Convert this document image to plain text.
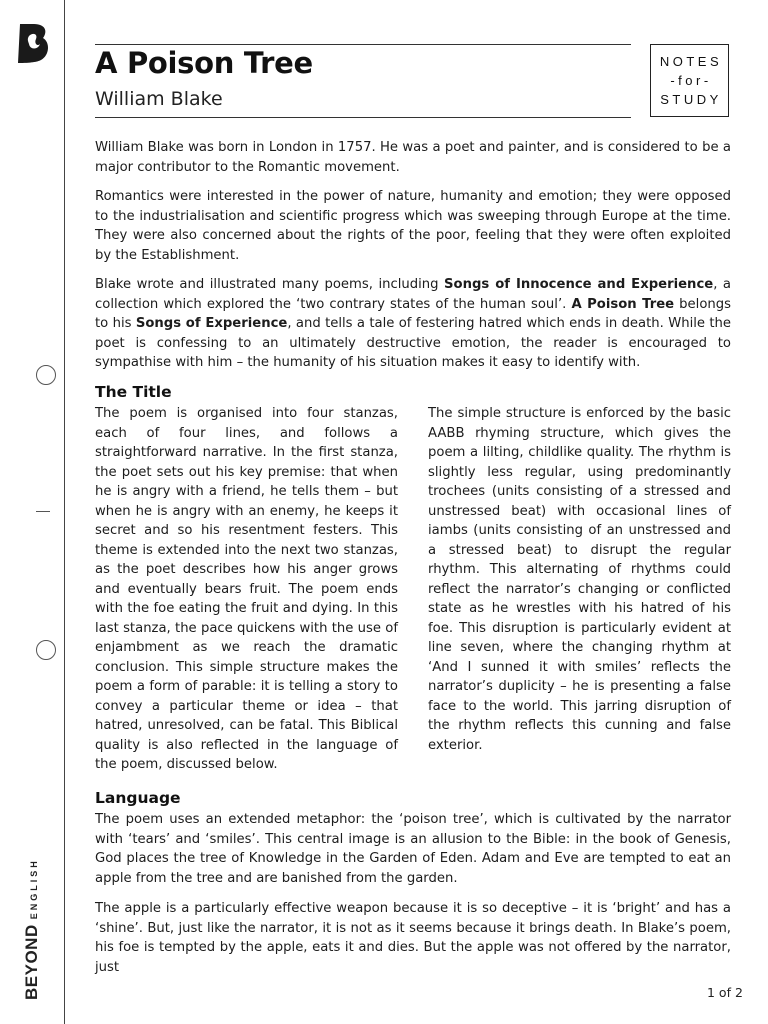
BEYOND
ENGLISH
A Poison Tree
William Blake
NOTES
-for-
STUDY

William Blake was born in London in 1757. He was a poet and painter, and is considered to be a major contributor to the Romantic movement.

Romantics were interested in the power of nature, humanity and emotion; they were opposed to the industrialisation and scientific progress which was sweeping through Europe at the time. They were also concerned about the rights of the poor, feeling that they were often exploited by the Establishment.

Blake wrote and illustrated many poems, including Songs of Innocence and Experience, a collection which explored the ‘two contrary states of the human soul’. A Poison Tree belongs to his Songs of Experience, and tells a tale of festering hatred which ends in death. While the poet is confessing to an ultimately destructive emotion, the reader is encouraged to sympathise with him – the humanity of his situation makes it easy to identify with.

The Title

The poem is organised into four stanzas, each of four lines, and follows a straightforward narrative. In the first stanza, the poet sets out his key premise: that when he is angry with a friend, he tells them – but when he is angry with an enemy, he keeps it secret and so his resentment festers. This theme is extended into the next two stanzas, as the poet describes how his anger grows and eventually bears fruit. The poem ends with the foe eating the fruit and dying. In this last stanza, the pace quickens with the use of enjambment as we reach the dramatic conclusion. This simple structure makes the poem a form of parable: it is telling a story to convey a particular theme or idea – that hatred, unresolved, can be fatal. This Biblical quality is also reflected in the language of the poem, discussed below.

The simple structure is enforced by the basic AABB rhyming structure, which gives the poem a lilting, childlike quality. The rhythm is slightly less regular, using predominantly trochees (units consisting of a stressed and unstressed beat) with occasional lines of iambs (units consisting of an unstressed and a stressed beat) to disrupt the regular rhythm. This alternating of rhythms could reflect the narrator’s changing or conflicted state as he wrestles with his hatred of his foe. This disruption is particularly evident at line seven, where the changing rhythm at ‘And I sunned it with smiles’ reflects the narrator’s duplicity – he is presenting a false face to the world. This jarring disruption of the rhythm reflects this cunning and false exterior.

Language

The poem uses an extended metaphor: the ‘poison tree’, which is cultivated by the narrator with ‘tears’ and ‘smiles’. This central image is an allusion to the Bible: in the book of Genesis, God places the tree of Knowledge in the Garden of Eden. Adam and Eve are tempted to eat an apple from the tree and are banished from the garden.

The apple is a particularly effective weapon because it is so deceptive – it is ‘bright’ and has a ‘shine’. But, just like the narrator, it is not as it seems because it brings death. In Blake’s poem, his foe is tempted by the apple, eats it and dies. But the apple was not offered by the narrator, just

1 of 2
